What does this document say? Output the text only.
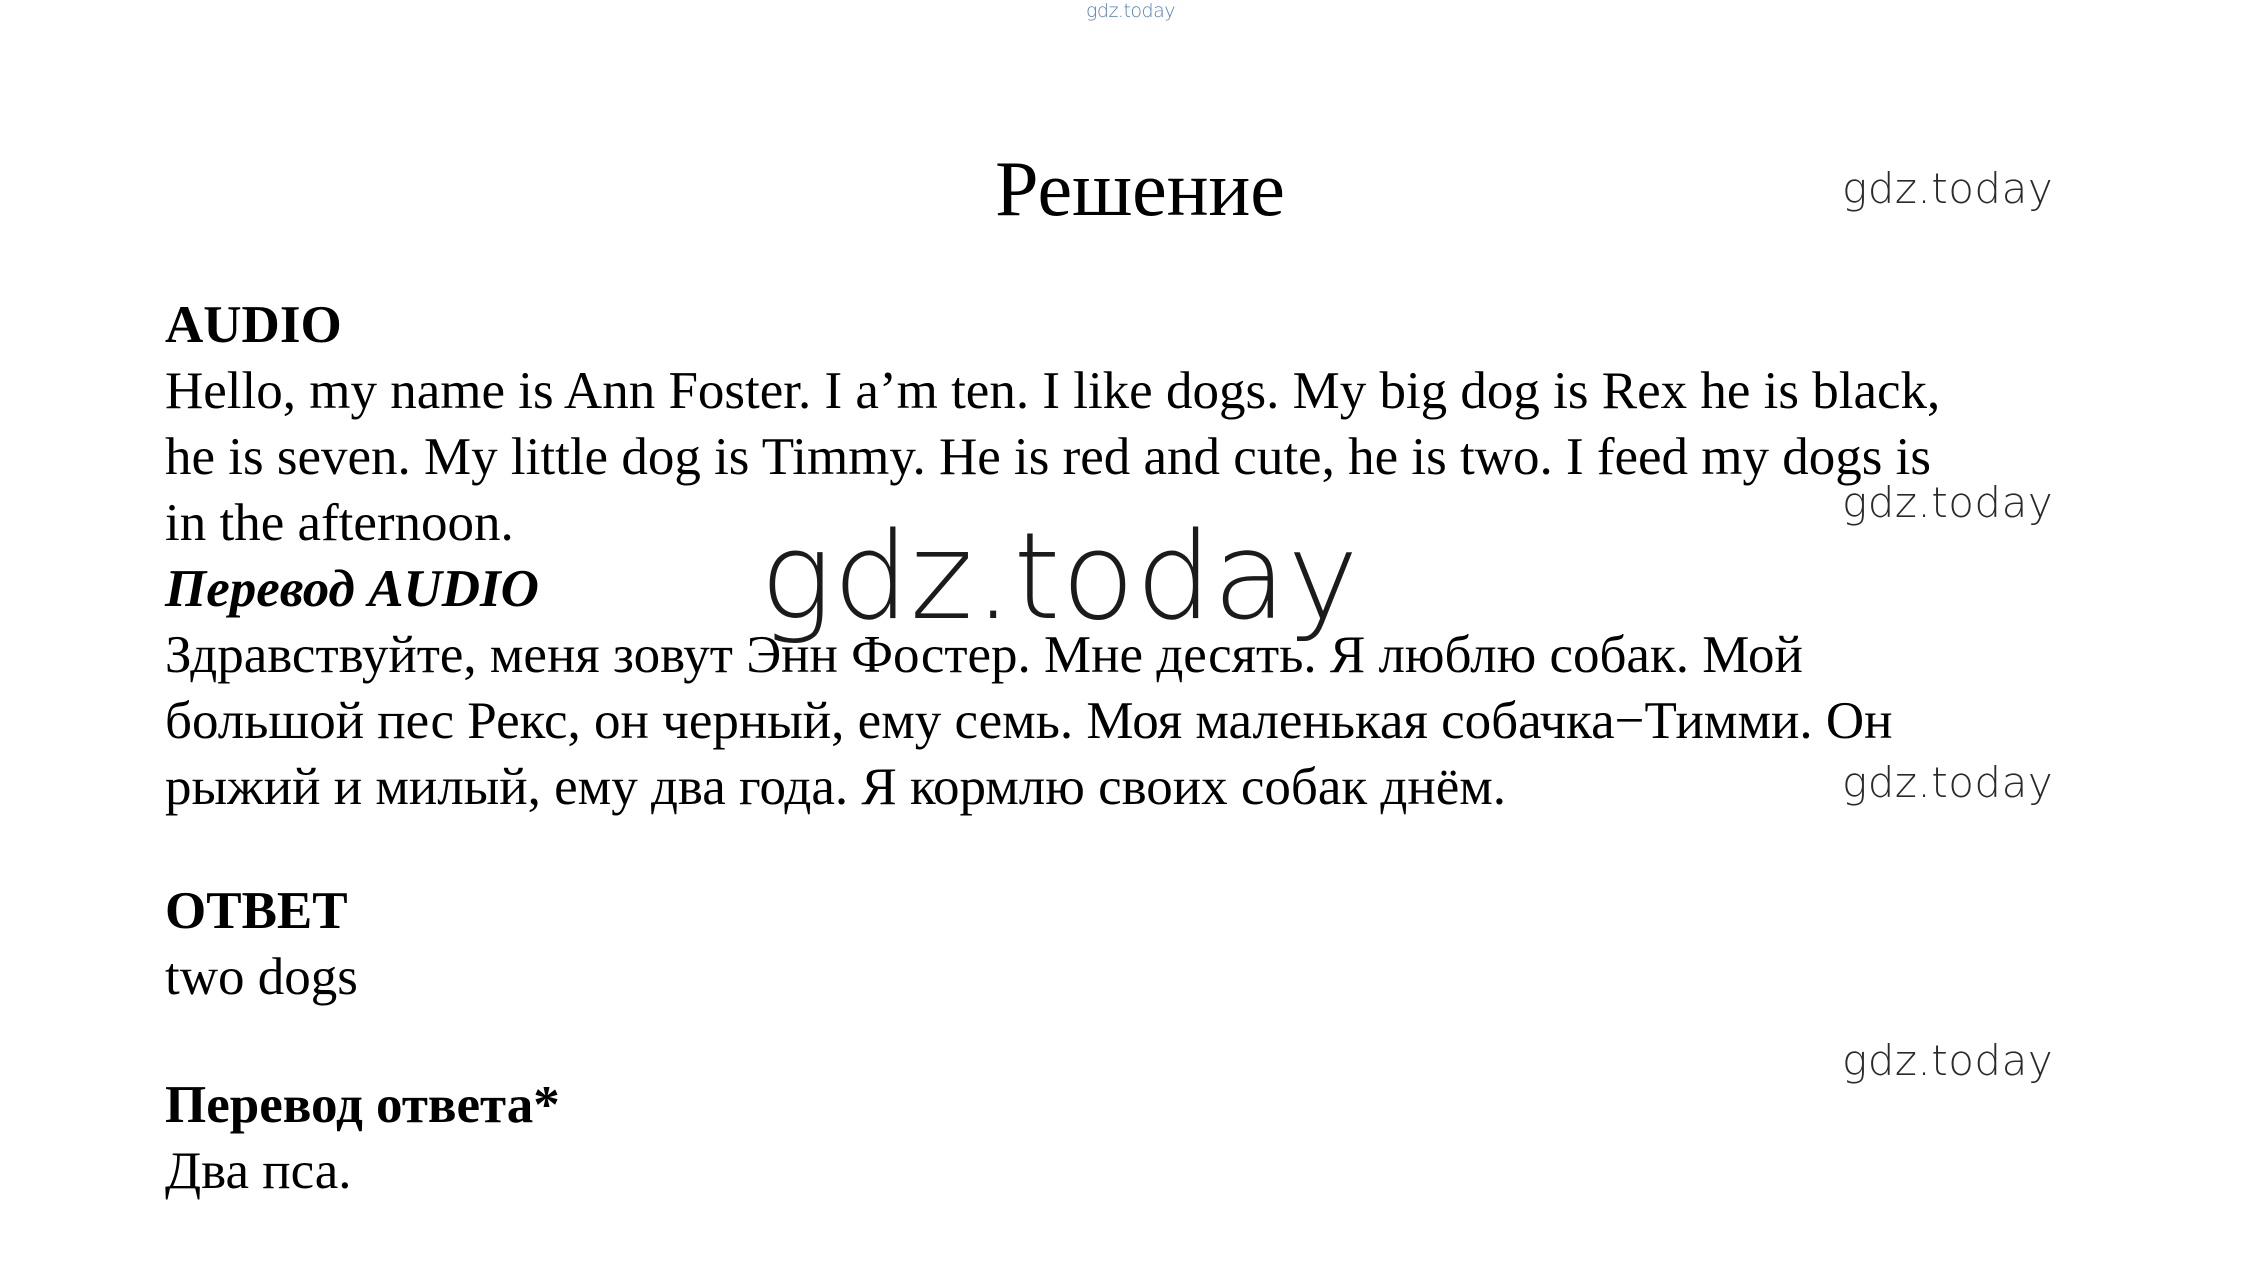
gdz.today
gdz.today
gdz.today
gdz.today
gdz.today
Решение
AUDIO
Hello, my name is Ann Foster. I a’m ten. I like dogs. My big dog is Rex he is black,
he is seven. My little dog is Timmy. He is red and cute, he is two. I feed my dogs is
in the afternoon.
Перевод AUDIO
Здравствуйте, меня зовут Энн Фостер. Мне десять. Я люблю собак. Мой
большой пес Рекс, он черный, ему семь. Моя маленькая собачка−Тимми. Он
рыжий и милый, ему два года. Я кормлю своих собак днём.
ОТВЕТ
two dogs
Перевод ответа*
Два пса.
gdz.today
